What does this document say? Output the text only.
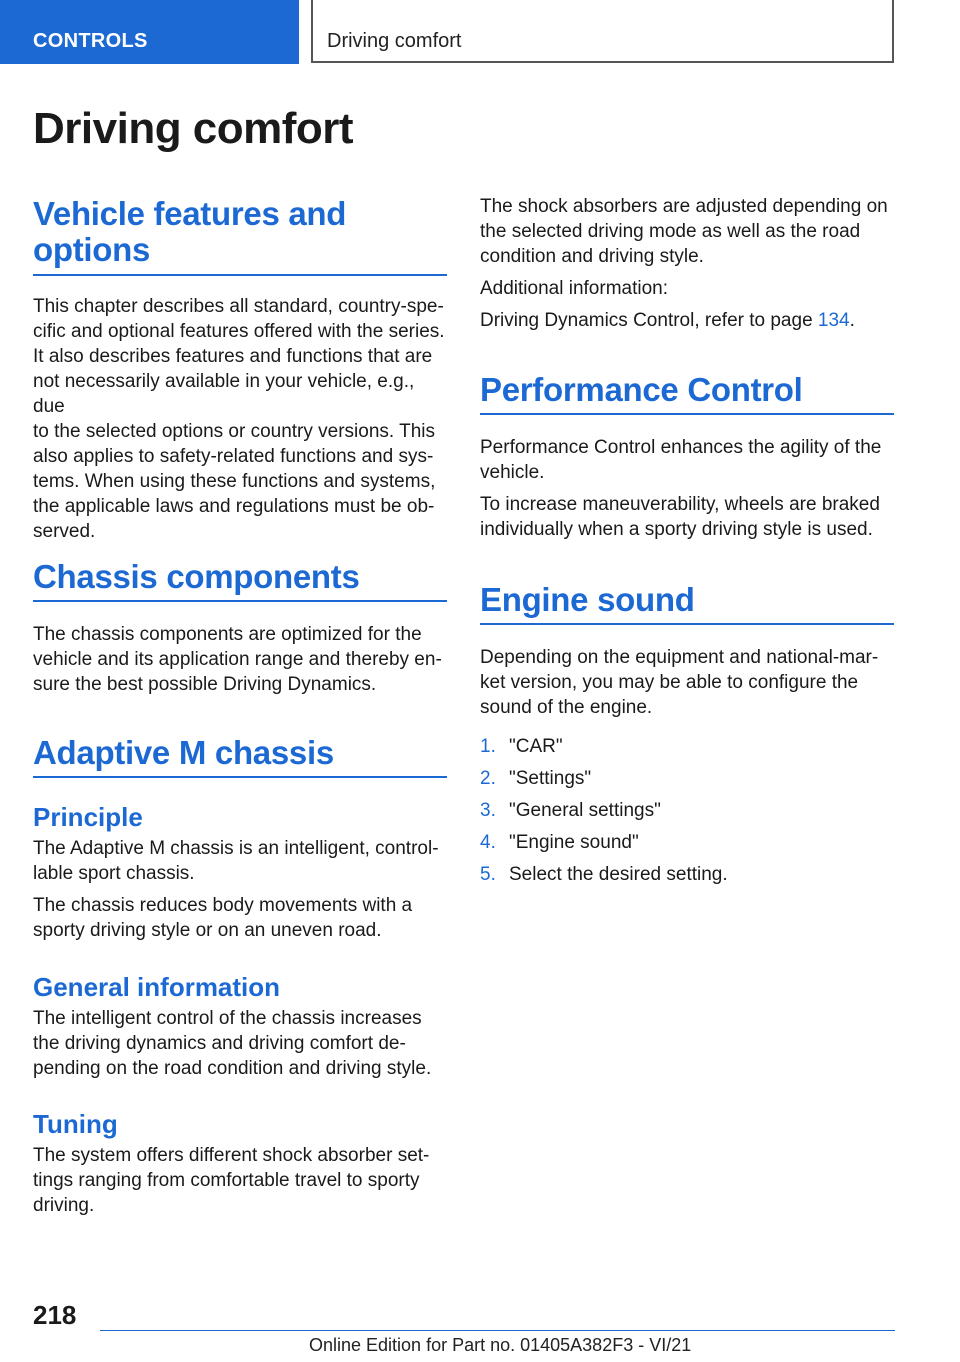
CONTROLS	Driving comfort
Driving comfort
Vehicle features and
options

This chapter describes all standard, country-spe-
cific and optional features offered with the series.
It also describes features and functions that are
not necessarily available in your vehicle, e.g., due
to the selected options or country versions. This
also applies to safety-related functions and sys-
tems. When using these functions and systems,
the applicable laws and regulations must be ob-
served.

Chassis components

The chassis components are optimized for the
vehicle and its application range and thereby en-
sure the best possible Driving Dynamics.

Adaptive M chassis
Principle

The Adaptive M chassis is an intelligent, control-
lable sport chassis.

The chassis reduces body movements with a
sporty driving style or on an uneven road.

General information

The intelligent control of the chassis increases
the driving dynamics and driving comfort de-
pending on the road condition and driving style.

Tuning

The system offers different shock absorber set-
tings ranging from comfortable travel to sporty
driving.

The shock absorbers are adjusted depending on
the selected driving mode as well as the road
condition and driving style.

Additional information:

Driving Dynamics Control, refer to page 134.

Performance Control

Performance Control enhances the agility of the
vehicle.

To increase maneuverability, wheels are braked
individually when a sporty driving style is used.

Engine sound

Depending on the equipment and national-mar-
ket version, you may be able to configure the
sound of the engine.

1. "CAR"
2. "Settings"
3. "General settings"
4. "Engine sound"
5. Select the desired setting.
218
Online Edition for Part no. 01405A382F3 - VI/21
